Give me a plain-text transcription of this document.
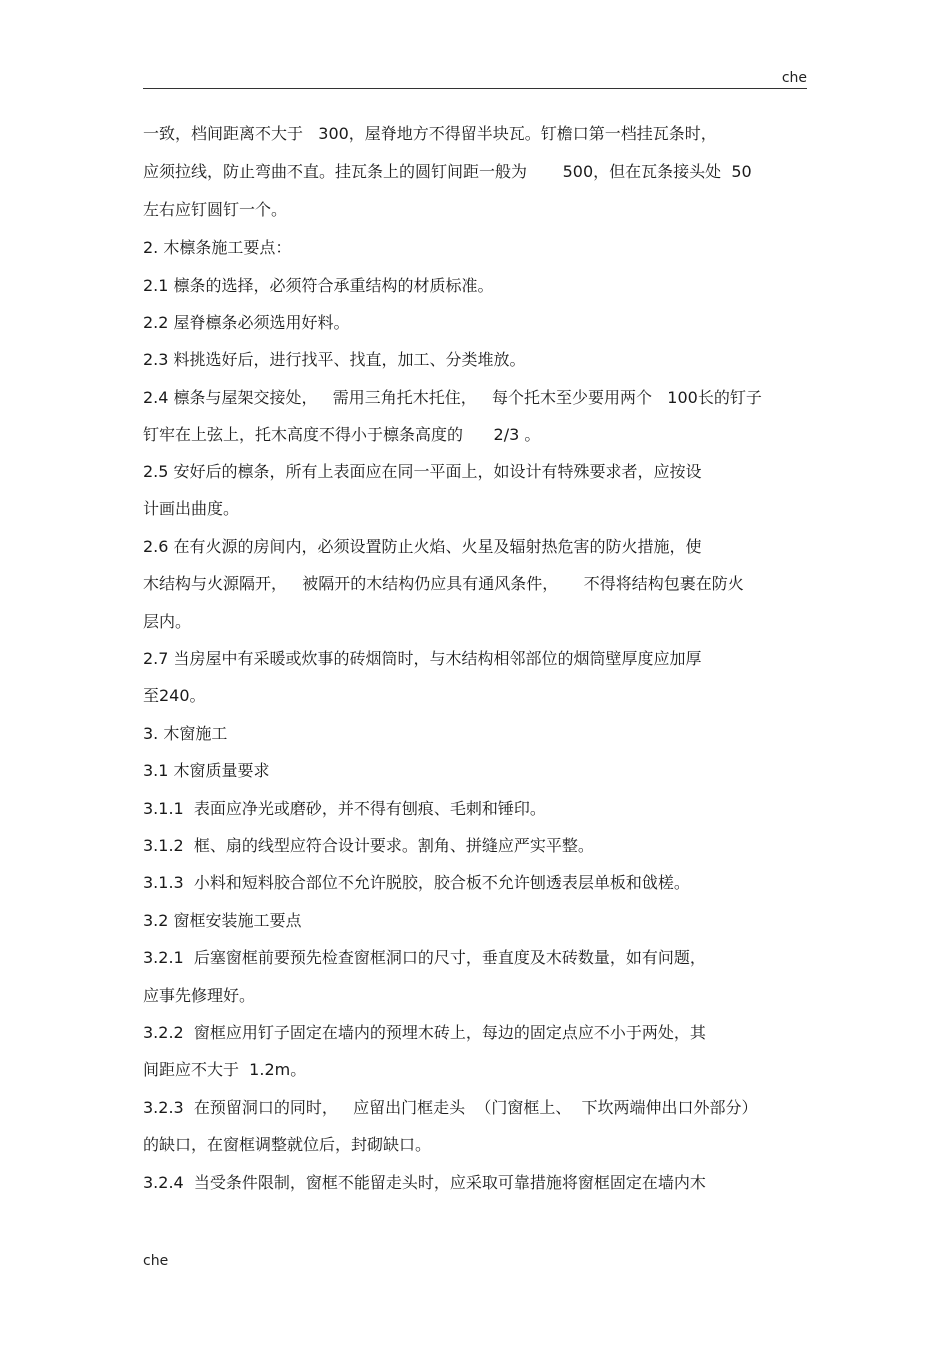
che
一致，档间距离不大于   300，屋脊地方不得留半块瓦。钉檐口第一档挂瓦条时，
应须拉线，防止弯曲不直。挂瓦条上的圆钉间距一般为       500，但在瓦条接头处  50
左右应钉圆钉一个。
2. 木檩条施工要点：
2.1 檩条的选择，必须符合承重结构的材质标准。
2.2 屋脊檩条必须选用好料。
2.3 料挑选好后，进行找平、找直，加工、分类堆放。
2.4 檩条与屋架交接处，   需用三角托木托住，   每个托木至少要用两个   100长的钉子
钉牢在上弦上，托木高度不得小于檩条高度的      2/3 。
2.5 安好后的檩条，所有上表面应在同一平面上，如设计有特殊要求者，应按设
计画出曲度。
2.6 在有火源的房间内，必须设置防止火焰、火星及辐射热危害的防火措施，使
木结构与火源隔开，   被隔开的木结构仍应具有通风条件，     不得将结构包裹在防火
层内。
2.7 当房屋中有采暖或炊事的砖烟筒时，与木结构相邻部位的烟筒壁厚度应加厚
至240。
3. 木窗施工
3.1 木窗质量要求
3.1.1  表面应净光或磨砂，并不得有刨痕、毛刺和锤印。
3.1.2  框、扇的线型应符合设计要求。割角、拼缝应严实平整。
3.1.3  小料和短料胶合部位不允许脱胶，胶合板不允许刨透表层单板和戗槎。
3.2 窗框安装施工要点
3.2.1  后塞窗框前要预先检查窗框洞口的尺寸，垂直度及木砖数量，如有问题，
应事先修理好。
3.2.2  窗框应用钉子固定在墙内的预埋木砖上，每边的固定点应不小于两处，其
间距应不大于  1.2m。
3.2.3  在预留洞口的同时，   应留出门框走头  （门窗框上、  下坎两端伸出口外部分）
的缺口，在窗框调整就位后，封砌缺口。
3.2.4  当受条件限制，窗框不能留走头时，应采取可靠措施将窗框固定在墙内木
che
